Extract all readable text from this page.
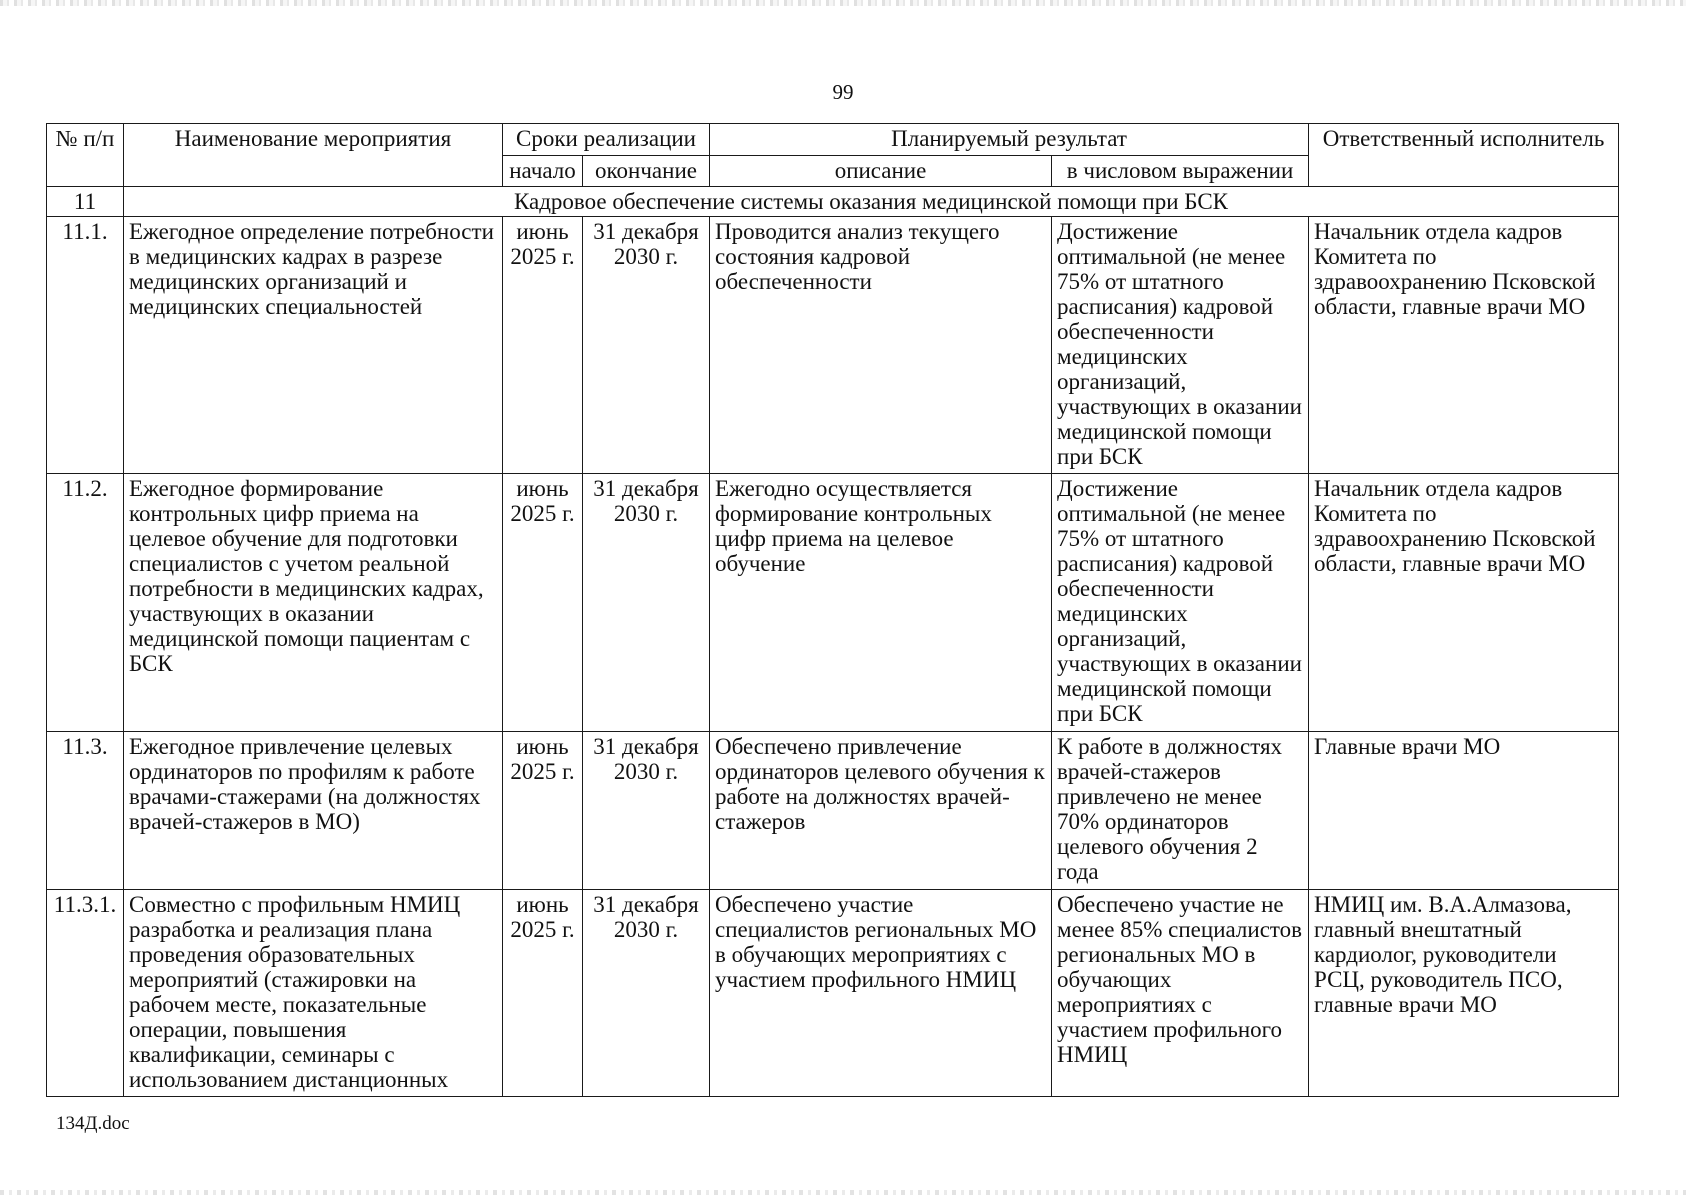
99
№ п/п	Наименование мероприятия	Сроки реализации		Планируемый результат		Ответственный исполнитель
		начало	окончание	описание	в числовом выражении	
11	Кадровое обеспечение системы оказания медицинской помощи при БСК					
11.1.	Ежегодное определение потребности в медицинских кадрах в разрезе медицинских организаций и медицинских специальностей	июнь 2025 г.	31 декабря 2030 г.	Проводится анализ текущего состояния кадровой обеспеченности	Достижение оптимальной (не менее 75% от штатного расписания) кадровой обеспеченности медицинских организаций, участвующих в оказании медицинской помощи при БСК	Начальник отдела кадров Комитета по здравоохранению Псковской области, главные врачи МО
11.2.	Ежегодное формирование контрольных цифр приема на целевое обучение для подготовки специалистов с учетом реальной потребности в медицинских кадрах, участвующих в оказании медицинской помощи пациентам с БСК	июнь 2025 г.	31 декабря 2030 г.	Ежегодно осуществляется формирование контрольных цифр приема на целевое обучение	Достижение оптимальной (не менее 75% от штатного расписания) кадровой обеспеченности медицинских организаций, участвующих в оказании медицинской помощи при БСК	Начальник отдела кадров Комитета по здравоохранению Псковской области, главные врачи МО
11.3.	Ежегодное привлечение целевых ординаторов по профилям к работе врачами-стажерами (на должностях врачей-стажеров в МО)	июнь 2025 г.	31 декабря 2030 г.	Обеспечено привлечение ординаторов целевого обучения к работе на должностях врачей-стажеров	К работе в должностях врачей-стажеров привлечено не менее 70% ординаторов целевого обучения 2 года	Главные врачи МО
11.3.1.	Совместно с профильным НМИЦ разработка и реализация плана проведения образовательных мероприятий (стажировки на рабочем месте, показательные операции, повышения квалификации, семинары с использованием дистанционных	июнь 2025 г.	31 декабря 2030 г.	Обеспечено участие специалистов региональных МО в обучающих мероприятиях с участием профильного НМИЦ	Обеспечено участие не менее 85% специалистов региональных МО в обучающих мероприятиях с участием профильного НМИЦ	НМИЦ им. В.А.Алмазова, главный внештатный кардиолог, руководители РСЦ, руководитель ПСО, главные врачи МО
134Д.doc
